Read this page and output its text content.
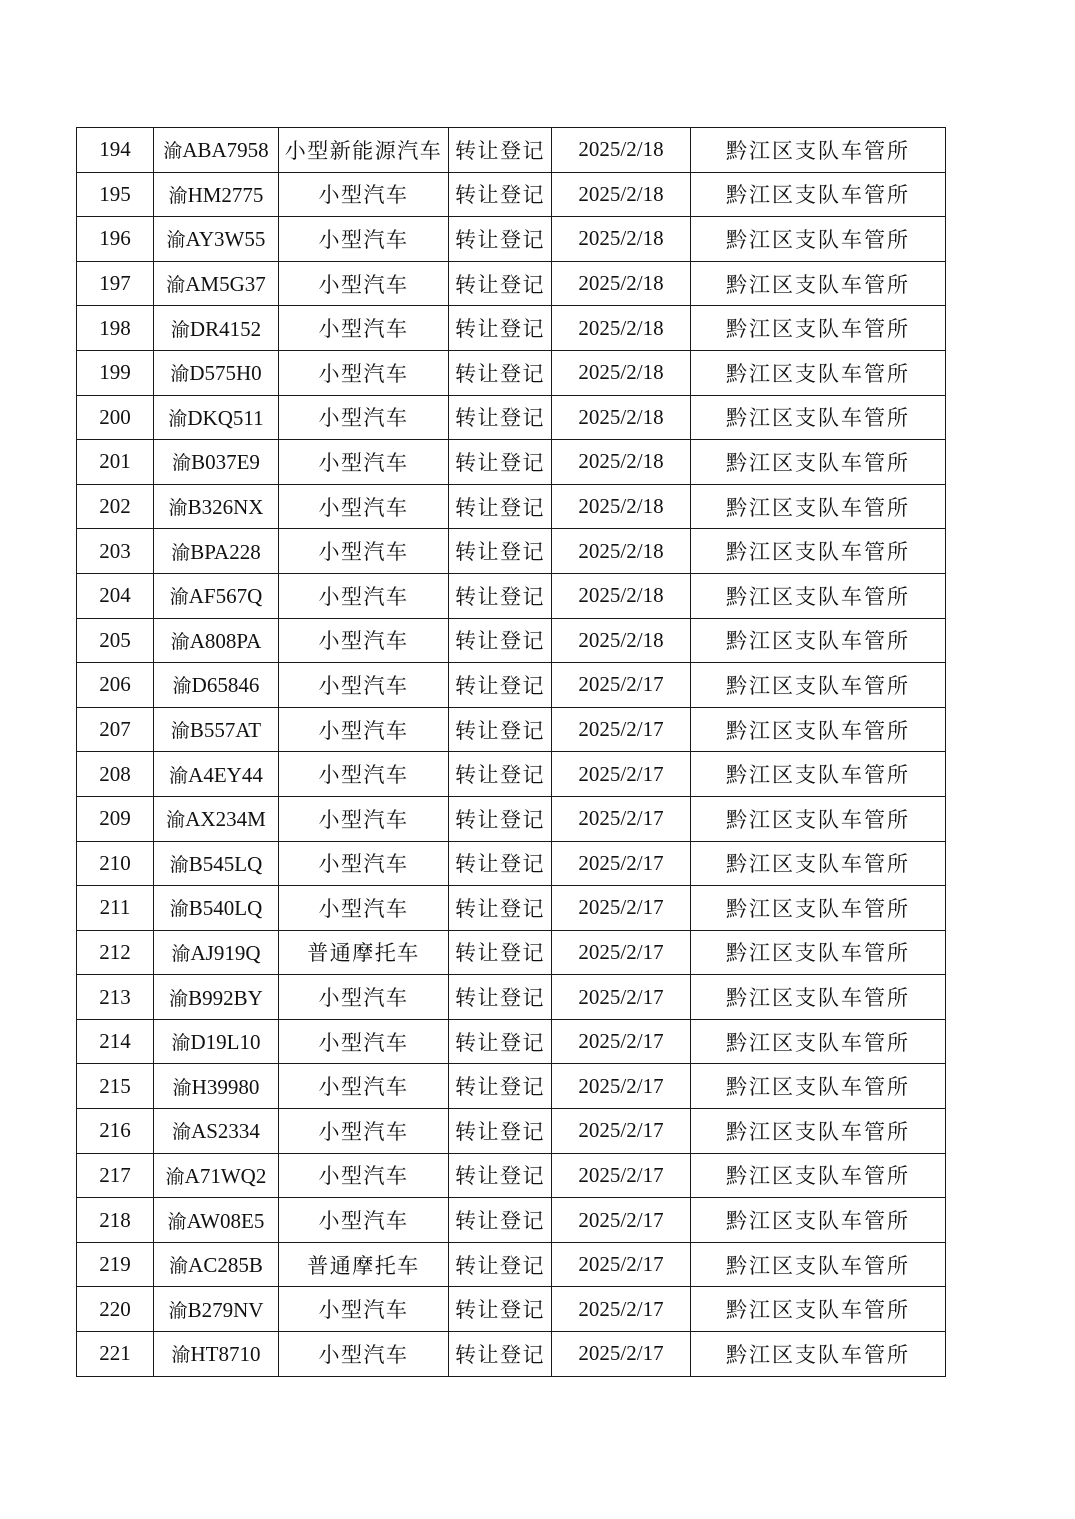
194	渝ABA7958	小型新能源汽车	转让登记	2025/2/18	黔江区支队车管所
195	渝HM2775	小型汽车	转让登记	2025/2/18	黔江区支队车管所
196	渝AY3W55	小型汽车	转让登记	2025/2/18	黔江区支队车管所
197	渝AM5G37	小型汽车	转让登记	2025/2/18	黔江区支队车管所
198	渝DR4152	小型汽车	转让登记	2025/2/18	黔江区支队车管所
199	渝D575H0	小型汽车	转让登记	2025/2/18	黔江区支队车管所
200	渝DKQ511	小型汽车	转让登记	2025/2/18	黔江区支队车管所
201	渝B037E9	小型汽车	转让登记	2025/2/18	黔江区支队车管所
202	渝B326NX	小型汽车	转让登记	2025/2/18	黔江区支队车管所
203	渝BPA228	小型汽车	转让登记	2025/2/18	黔江区支队车管所
204	渝AF567Q	小型汽车	转让登记	2025/2/18	黔江区支队车管所
205	渝A808PA	小型汽车	转让登记	2025/2/18	黔江区支队车管所
206	渝D65846	小型汽车	转让登记	2025/2/17	黔江区支队车管所
207	渝B557AT	小型汽车	转让登记	2025/2/17	黔江区支队车管所
208	渝A4EY44	小型汽车	转让登记	2025/2/17	黔江区支队车管所
209	渝AX234M	小型汽车	转让登记	2025/2/17	黔江区支队车管所
210	渝B545LQ	小型汽车	转让登记	2025/2/17	黔江区支队车管所
211	渝B540LQ	小型汽车	转让登记	2025/2/17	黔江区支队车管所
212	渝AJ919Q	普通摩托车	转让登记	2025/2/17	黔江区支队车管所
213	渝B992BY	小型汽车	转让登记	2025/2/17	黔江区支队车管所
214	渝D19L10	小型汽车	转让登记	2025/2/17	黔江区支队车管所
215	渝H39980	小型汽车	转让登记	2025/2/17	黔江区支队车管所
216	渝AS2334	小型汽车	转让登记	2025/2/17	黔江区支队车管所
217	渝A71WQ2	小型汽车	转让登记	2025/2/17	黔江区支队车管所
218	渝AW08E5	小型汽车	转让登记	2025/2/17	黔江区支队车管所
219	渝AC285B	普通摩托车	转让登记	2025/2/17	黔江区支队车管所
220	渝B279NV	小型汽车	转让登记	2025/2/17	黔江区支队车管所
221	渝HT8710	小型汽车	转让登记	2025/2/17	黔江区支队车管所
